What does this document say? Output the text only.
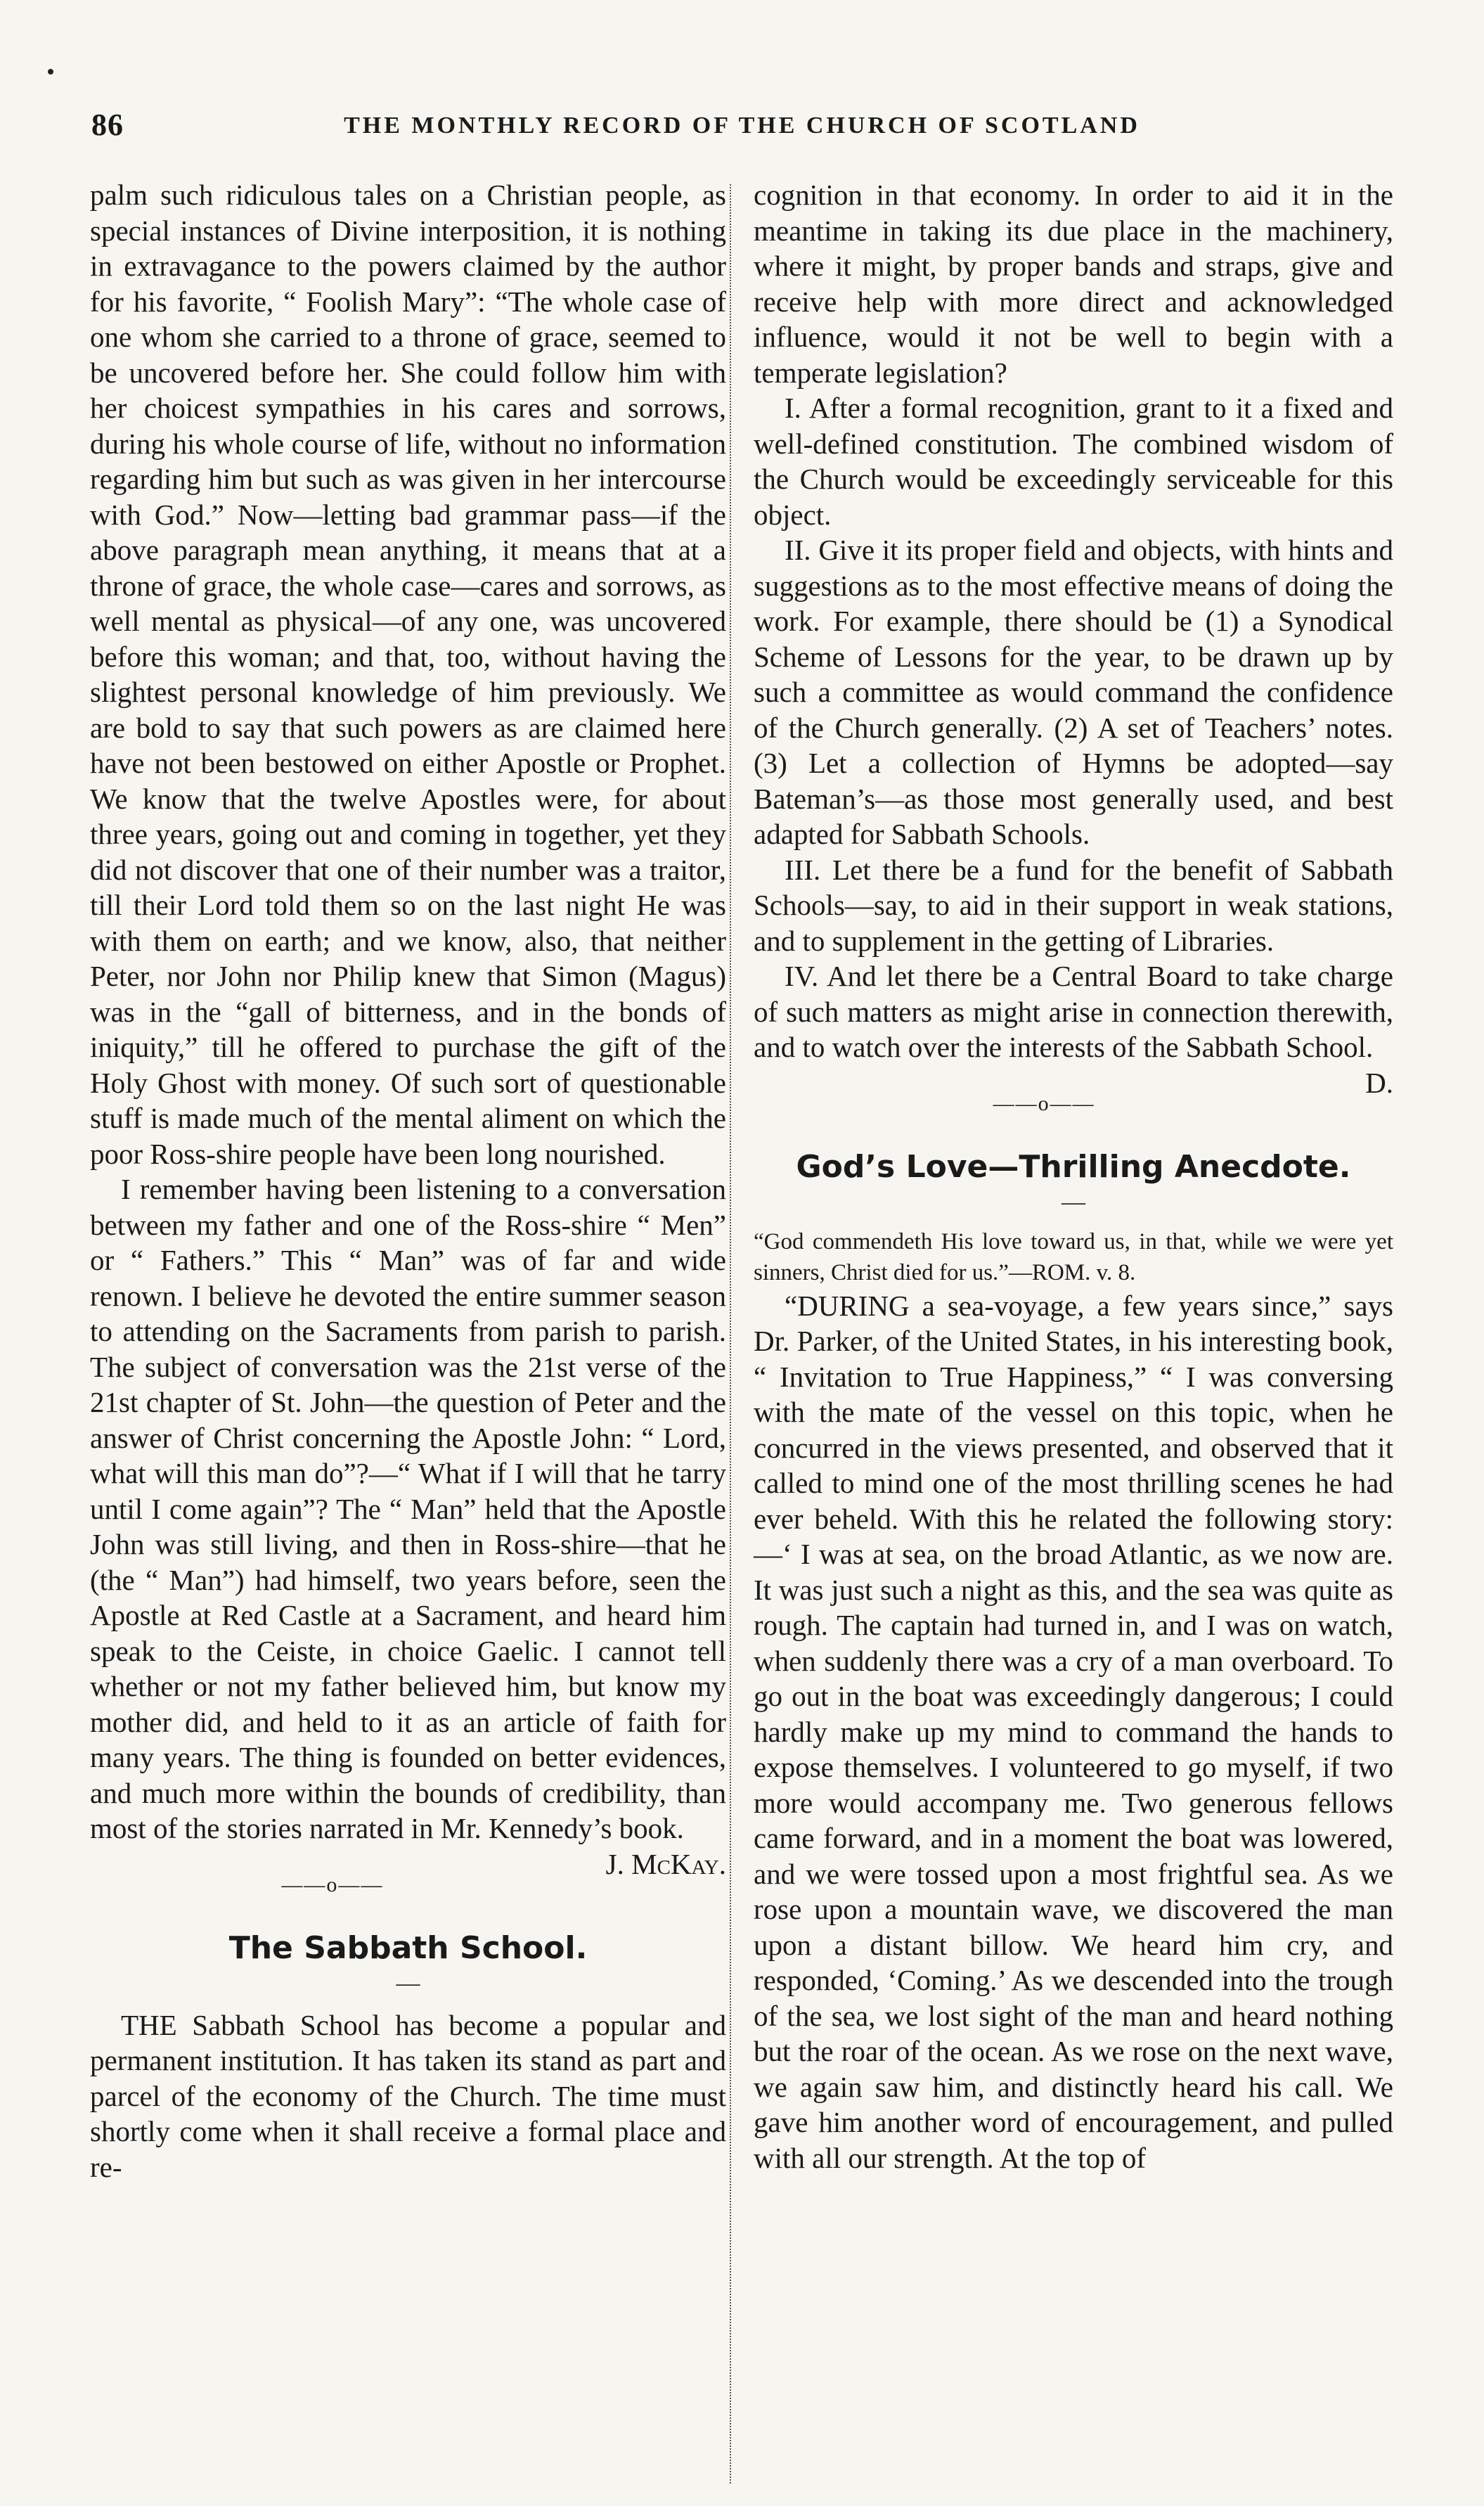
86	THE MONTHLY RECORD OF THE CHURCH OF SCOTLAND

palm such ridiculous tales on a Christian people, as special instances of Divine interposition, it is nothing in extravagance to the powers claimed by the author for his favorite, “ Foolish Mary”: “The whole case of one whom she carried to a throne of grace, seemed to be uncovered before her. She could follow him with her choicest sympathies in his cares and sorrows, during his whole course of life, without no information regarding him but such as was given in her intercourse with God.” Now—letting bad grammar pass—if the above paragraph mean anything, it means that at a throne of grace, the whole case—cares and sorrows, as well mental as physical—of any one, was uncovered before this woman; and that, too, without having the slightest personal knowledge of him previously. We are bold to say that such powers as are claimed here have not been bestowed on either Apostle or Prophet. We know that the twelve Apostles were, for about three years, going out and coming in together, yet they did not discover that one of their number was a traitor, till their Lord told them so on the last night He was with them on earth; and we know, also, that neither Peter, nor John nor Philip knew that Simon (Magus) was in the “gall of bitterness, and in the bonds of iniquity,” till he offered to purchase the gift of the Holy Ghost with money. Of such sort of questionable stuff is made much of the mental aliment on which the poor Ross-shire people have been long nourished.

I remember having been listening to a conversation between my father and one of the Ross-shire “ Men” or “ Fathers.” This “ Man” was of far and wide renown. I believe he devoted the entire summer season to attending on the Sacraments from parish to parish. The subject of conversation was the 21st verse of the 21st chapter of St. John—the question of Peter and the answer of Christ concerning the Apostle John: “ Lord, what will this man do”?—“ What if I will that he tarry until I come again”? The “ Man” held that the Apostle John was still living, and then in Ross-shire—that he (the “ Man”) had himself, two years before, seen the Apostle at Red Castle at a Sacrament, and heard him speak to the Ceiste, in choice Gaelic. I cannot tell whether or not my father believed him, but know my mother did, and held to it as an article of faith for many years. The thing is founded on better evidences, and much more within the bounds of credibility, than most of the stories narrated in Mr. Kennedy’s book.
J. McKay.

——o——
The Sabbath School.
—

THE Sabbath School has become a popular and permanent institution. It has taken its stand as part and parcel of the economy of the Church. The time must shortly come when it shall receive a formal place and re-

cognition in that economy. In order to aid it in the meantime in taking its due place in the machinery, where it might, by proper bands and straps, give and receive help with more direct and acknowledged influence, would it not be well to begin with a temperate legislation?

I. After a formal recognition, grant to it a fixed and well-defined constitution. The combined wisdom of the Church would be exceedingly serviceable for this object.

II. Give it its proper field and objects, with hints and suggestions as to the most effective means of doing the work. For example, there should be (1) a Synodical Scheme of Lessons for the year, to be drawn up by such a committee as would command the confidence of the Church generally. (2) A set of Teachers’ notes. (3) Let a collection of Hymns be adopted—say Bateman’s—as those most generally used, and best adapted for Sabbath Schools.

III. Let there be a fund for the benefit of Sabbath Schools—say, to aid in their support in weak stations, and to supplement in the getting of Libraries.

IV. And let there be a Central Board to take charge of such matters as might arise in connection therewith, and to watch over the interests of the Sabbath School.
D.

——o——
God’s Love—Thrilling Anecdote.
—

“God commendeth His love toward us, in that, while we were yet sinners, Christ died for us.”—ROM. v. 8.

“DURING a sea-voyage, a few years since,” says Dr. Parker, of the United States, in his interesting book, “ Invitation to True Happiness,” “ I was conversing with the mate of the vessel on this topic, when he concurred in the views presented, and observed that it called to mind one of the most thrilling scenes he had ever beheld. With this he related the following story:—‘ I was at sea, on the broad Atlantic, as we now are. It was just such a night as this, and the sea was quite as rough. The captain had turned in, and I was on watch, when suddenly there was a cry of a man overboard. To go out in the boat was exceedingly dangerous; I could hardly make up my mind to command the hands to expose themselves. I volunteered to go myself, if two more would accompany me. Two generous fellows came forward, and in a moment the boat was lowered, and we were tossed upon a most frightful sea. As we rose upon a mountain wave, we discovered the man upon a distant billow. We heard him cry, and responded, ‘Coming.’ As we descended into the trough of the sea, we lost sight of the man and heard nothing but the roar of the ocean. As we rose on the next wave, we again saw him, and distinctly heard his call. We gave him another word of encouragement, and pulled with all our strength. At the top of
